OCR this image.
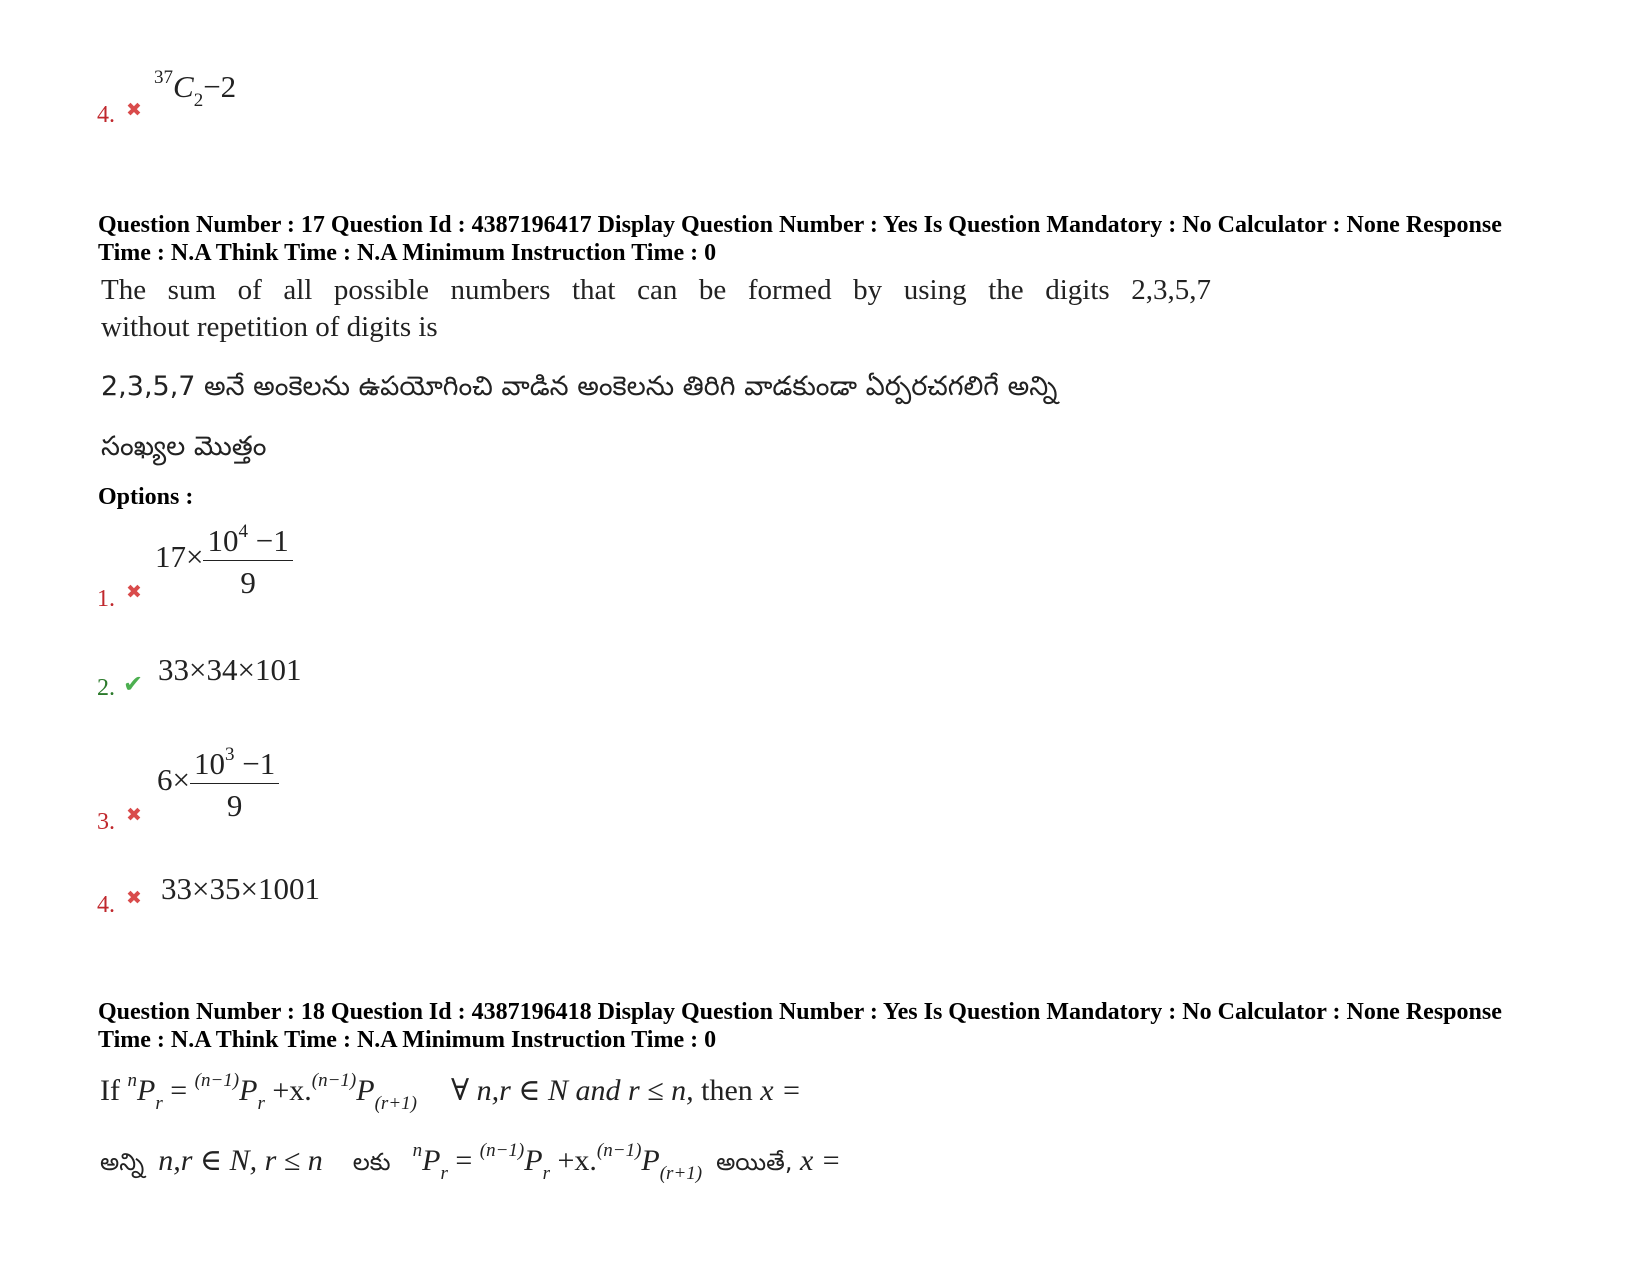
4. ✖
$^{37}C_2-2$
Question Number : 17 Question Id : 4387196417 Display Question Number : Yes Is Question Mandatory : No Calculator : None Response
Time : N.A Think Time : N.A Minimum Instruction Time : 0
The sum of all possible numbers that can be formed by using the digits 2,3,5,7
without repetition of digits is
2,3,5,7 అనే అంకెలను ఉపయోగించి వాడిన అంకెలను తిరిగి వాడకుండా ఏర్పరచగలిగే అన్ని
సంఖ్యల మొత్తం
Options :
1. ✖
$17\times \frac{10^4 -1}{9}$
2. ✔ 33×34×101
3. ✖
$6\times \frac{10^3 -1}{9}$
4. ✖ 33×35×1001
Question Number : 18 Question Id : 4387196418 Display Question Number : Yes Is Question Mandatory : No Calculator : None Response
Time : N.A Think Time : N.A Minimum Instruction Time : 0
If $^nP_r = ^{(n-1)}P_r +x.^{(n-1)}P_{(r+1)}$ ∀ n,r ∈ N and r ≤ n, then x =
అన్ని n,r ∈ N, r ≤ n లకు $^nP_r = ^{(n-1)}P_r +x.^{(n-1)}P_{(r+1)}$ అయితే, x =
